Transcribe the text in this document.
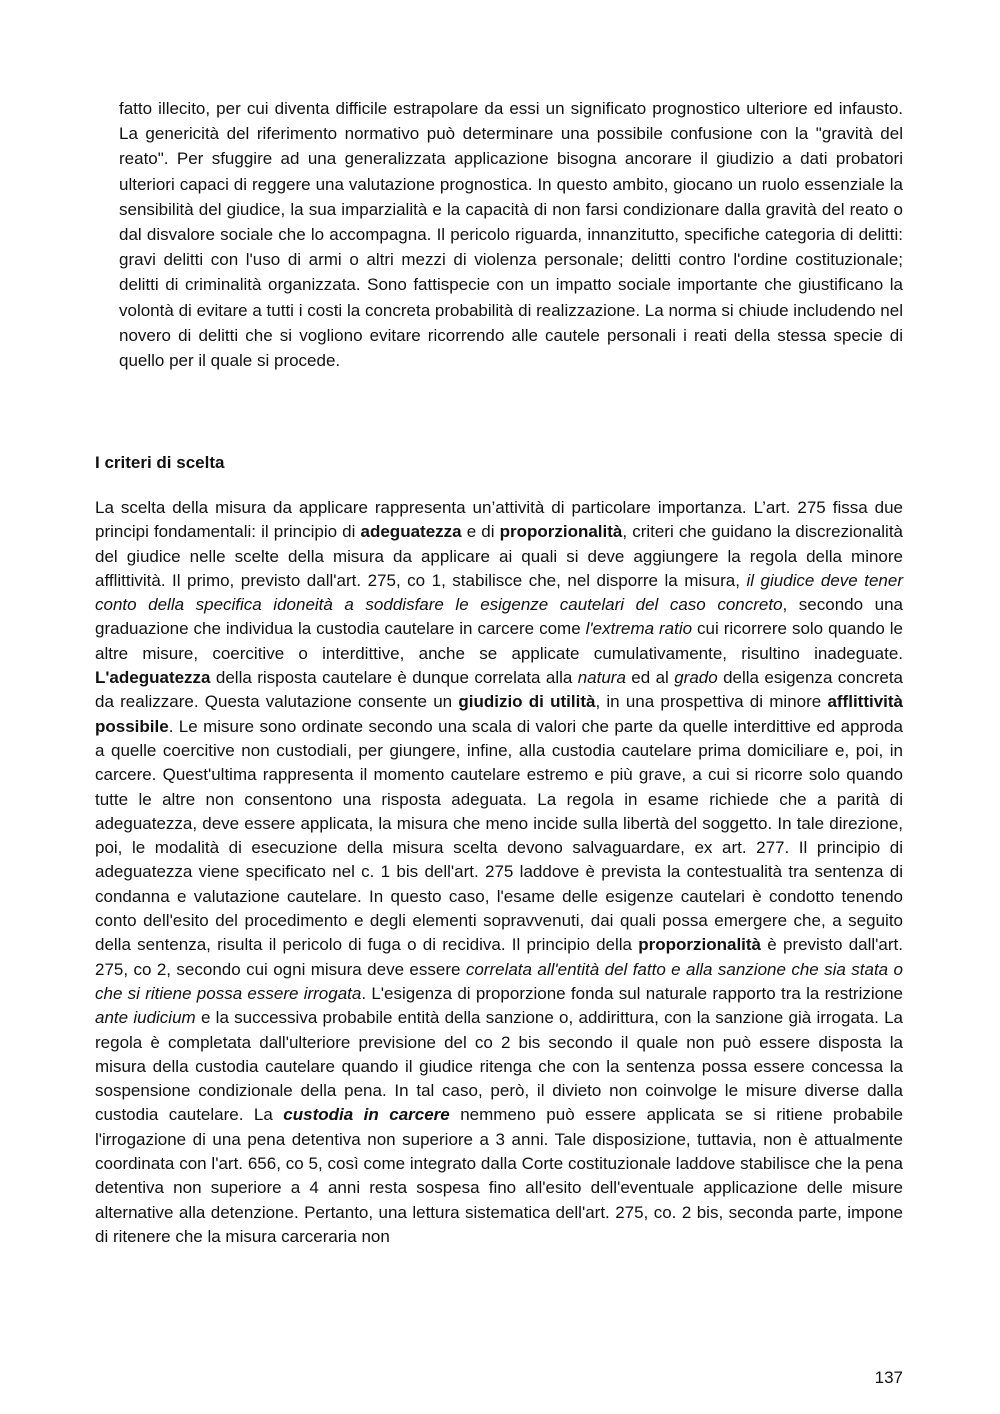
fatto illecito, per cui diventa difficile estrapolare da essi un significato prognostico ulteriore ed infausto. La genericità del riferimento normativo può determinare una possibile confusione con la "gravità del reato". Per sfuggire ad una generalizzata applicazione bisogna ancorare il giudizio a dati probatori ulteriori capaci di reggere una valutazione prognostica. In questo ambito, giocano un ruolo essenziale la sensibilità del giudice, la sua imparzialità e la capacità di non farsi condizionare dalla gravità del reato o dal disvalore sociale che lo accompagna. Il pericolo riguarda, innanzitutto, specifiche categoria di delitti: gravi delitti con l'uso di armi o altri mezzi di violenza personale; delitti contro l'ordine costituzionale; delitti di criminalità organizzata. Sono fattispecie con un impatto sociale importante che giustificano la volontà di evitare a tutti i costi la concreta probabilità di realizzazione. La norma si chiude includendo nel novero di delitti che si vogliono evitare ricorrendo alle cautele personali i reati della stessa specie di quello per il quale si procede.

I criteri di scelta

La scelta della misura da applicare rappresenta un’attività di particolare importanza. L’art. 275 fissa due principi fondamentali: il principio di adeguatezza e di proporzionalità, criteri che guidano la discrezionalità del giudice nelle scelte della misura da applicare ai quali si deve aggiungere la regola della minore afflittività. Il primo, previsto dall'art. 275, co 1, stabilisce che, nel disporre la misura, il giudice deve tener conto della specifica idoneità a soddisfare le esigenze cautelari del caso concreto, secondo una graduazione che individua la custodia cautelare in carcere come l'extrema ratio cui ricorrere solo quando le altre misure, coercitive o interdittive, anche se applicate cumulativamente, risultino inadeguate. L'adeguatezza della risposta cautelare è dunque correlata alla natura ed al grado della esigenza concreta da realizzare. Questa valutazione consente un giudizio di utilità, in una prospettiva di minore afflittività possibile. Le misure sono ordinate secondo una scala di valori che parte da quelle interdittive ed approda a quelle coercitive non custodiali, per giungere, infine, alla custodia cautelare prima domiciliare e, poi, in carcere. Quest'ultima rappresenta il momento cautelare estremo e più grave, a cui si ricorre solo quando tutte le altre non consentono una risposta adeguata. La regola in esame richiede che a parità di adeguatezza, deve essere applicata, la misura che meno incide sulla libertà del soggetto. In tale direzione, poi, le modalità di esecuzione della misura scelta devono salvaguardare, ex art. 277. Il principio di adeguatezza viene specificato nel c. 1 bis dell'art. 275 laddove è prevista la contestualità tra sentenza di condanna e valutazione cautelare. In questo caso, l'esame delle esigenze cautelari è condotto tenendo conto dell'esito del procedimento e degli elementi sopravvenuti, dai quali possa emergere che, a seguito della sentenza, risulta il pericolo di fuga o di recidiva. Il principio della proporzionalità è previsto dall'art. 275, co 2, secondo cui ogni misura deve essere correlata all'entità del fatto e alla sanzione che sia stata o che si ritiene possa essere irrogata. L'esigenza di proporzione fonda sul naturale rapporto tra la restrizione ante iudicium e la successiva probabile entità della sanzione o, addirittura, con la sanzione già irrogata. La regola è completata dall'ulteriore previsione del co 2 bis secondo il quale non può essere disposta la misura della custodia cautelare quando il giudice ritenga che con la sentenza possa essere concessa la sospensione condizionale della pena. In tal caso, però, il divieto non coinvolge le misure diverse dalla custodia cautelare. La custodia in carcere nemmeno può essere applicata se si ritiene probabile l'irrogazione di una pena detentiva non superiore a 3 anni. Tale disposizione, tuttavia, non è attualmente coordinata con l'art. 656, co 5, così come integrato dalla Corte costituzionale laddove stabilisce che la pena detentiva non superiore a 4 anni resta sospesa fino all'esito dell'eventuale applicazione delle misure alternative alla detenzione. Pertanto, una lettura sistematica dell'art. 275, co. 2 bis, seconda parte, impone di ritenere che la misura carceraria non

137
